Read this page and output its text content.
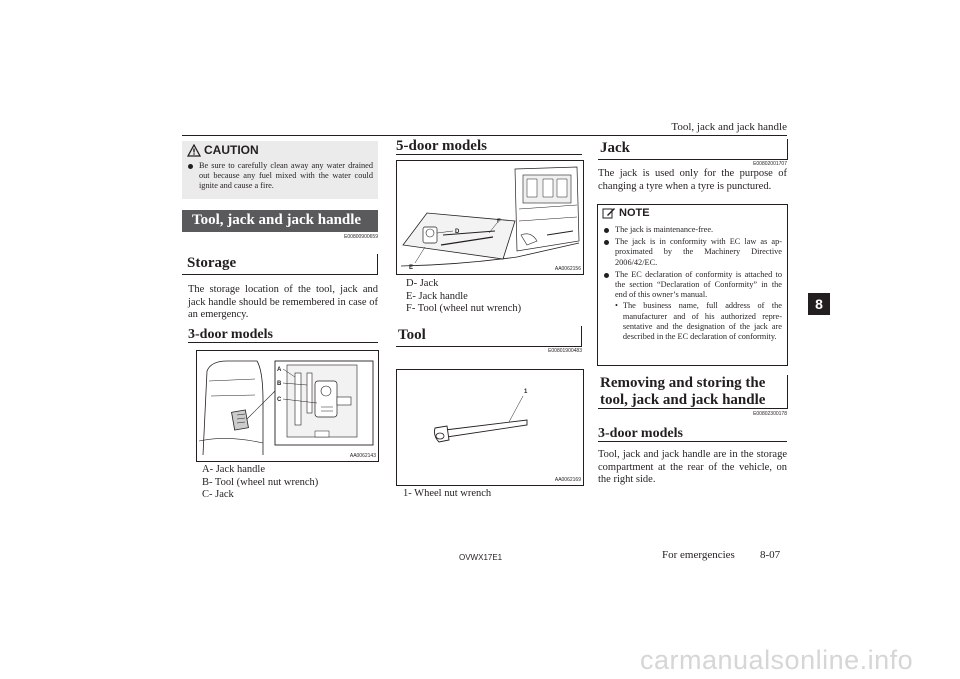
Tool, jack and jack handle
8
CAUTION
Be sure to carefully clean away any water drained out because any fuel mixed with the water could ignite and cause a fire.
Tool, jack and jack handle
E00800900659
Storage
The storage location of the tool, jack and jack handle should be remembered in case of an emergency.
3-door models
A
B
C
AA0062143
A- Jack handle
B- Tool (wheel nut wrench)
C- Jack
5-door models
D
E
F
AA0062156
D- Jack
E- Jack handle
F- Tool (wheel nut wrench)
Tool
E00801900483
1
AA0062169
1- Wheel nut wrench
Jack
E00802001707
The jack is used only for the purpose of changing a tyre when a tyre is punctured.
NOTE
The jack is maintenance-free.
The jack is in conformity with EC law as ap-proximated by the Machinery Directive 2006/42/EC.
The EC declaration of conformity is attached to the section “Declaration of Conformity” in the end of this owner’s manual.
• The business name, full address of the manufacturer and of his authorized repre-sentative and the designation of the jack are described in the EC declaration of conformity.
Removing and storing the tool, jack and jack handle
E00802300178
3-door models
Tool, jack and jack handle are in the storage compartment at the rear of the vehicle, on the right side.
OVWX17E1	For emergencies 8-07
carmanualsonline.info
